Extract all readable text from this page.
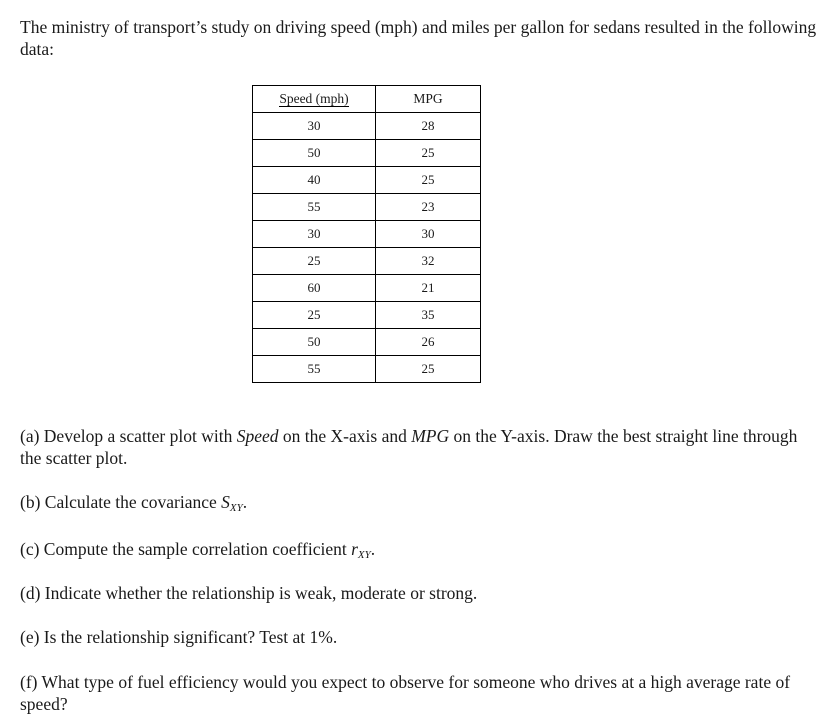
The ministry of transport’s study on driving speed (mph) and miles per gallon for sedans resulted in the following data:

Speed (mph)	MPG
30	28
50	25
40	25
55	23
30	30
25	32
60	21
25	35
50	26
55	25

(a) Develop a scatter plot with Speed on the X-axis and MPG on the Y-axis. Draw the best straight line through the scatter plot.

(b) Calculate the covariance $S_{XY}$.

(c) Compute the sample correlation coefficient $r_{XY}$.

(d) Indicate whether the relationship is weak, moderate or strong.

(e) Is the relationship significant? Test at 1%.

(f) What type of fuel efficiency would you expect to observe for someone who drives at a high average rate of speed?
